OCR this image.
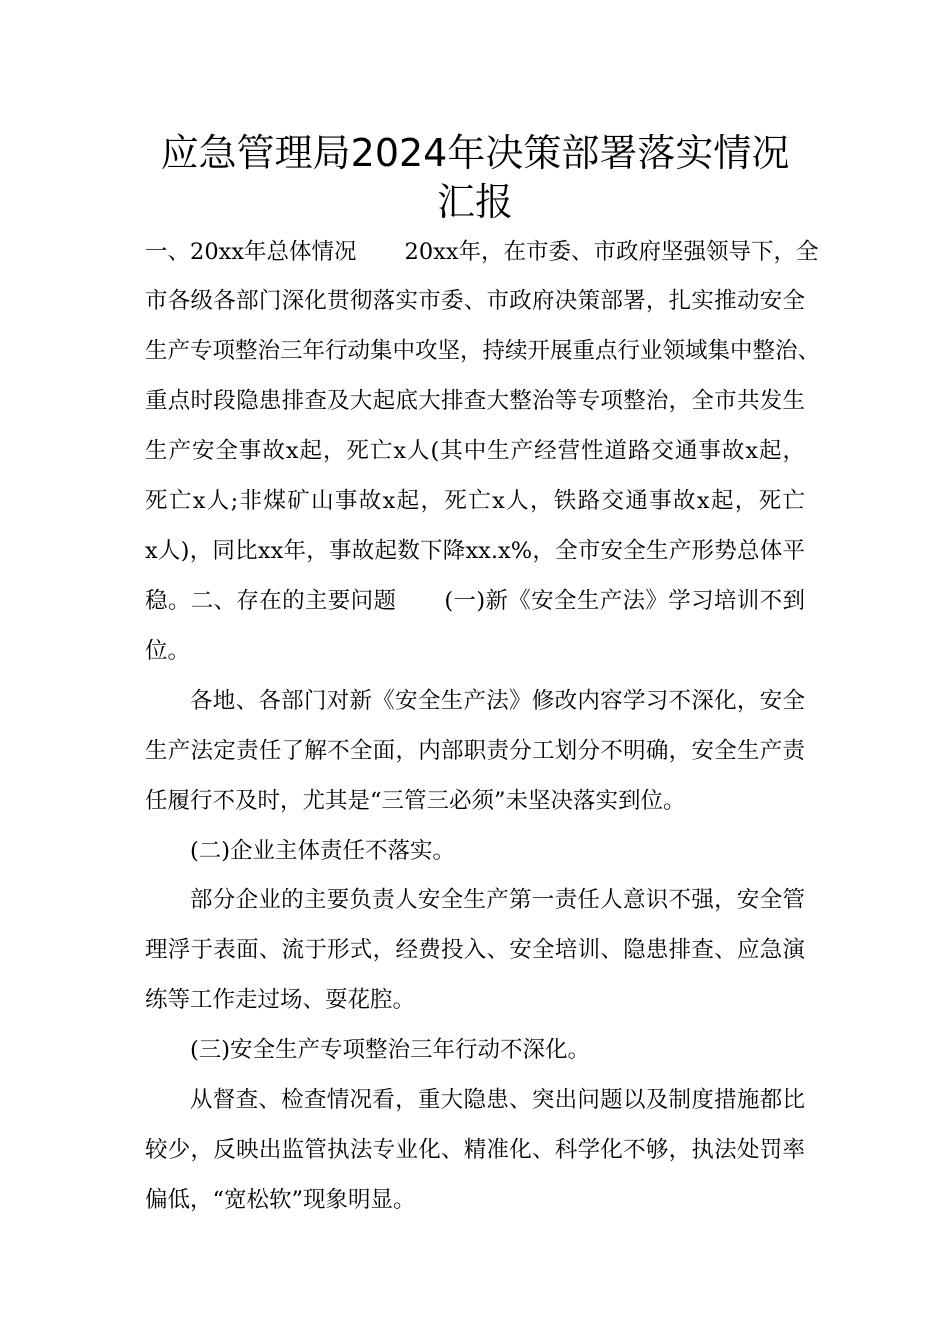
应急管理局2024年决策部署落实情况
汇报
一、20xx年总体情况 20xx年，在市委、市政府坚强领导下，全
市各级各部门深化贯彻落实市委、市政府决策部署，扎实推动安全
生产专项整治三年行动集中攻坚，持续开展重点行业领域集中整治、
重点时段隐患排查及大起底大排查大整治等专项整治，全市共发生
生产安全事故x起，死亡x人(其中生产经营性道路交通事故x起，
死亡x人;非煤矿山事故x起，死亡x人，铁路交通事故x起，死亡
x人)，同比xx年，事故起数下降xx.x%，全市安全生产形势总体平
稳。二、存在的主要问题 (一)新《安全生产法》学习培训不到
位。
各地、各部门对新《安全生产法》修改内容学习不深化，安全
生产法定责任了解不全面，内部职责分工划分不明确，安全生产责
任履行不及时，尤其是“三管三必须”未坚决落实到位。
(二)企业主体责任不落实。
部分企业的主要负责人安全生产第一责任人意识不强，安全管
理浮于表面、流于形式，经费投入、安全培训、隐患排查、应急演
练等工作走过场、耍花腔。
(三)安全生产专项整治三年行动不深化。
从督查、检查情况看，重大隐患、突出问题以及制度措施都比
较少，反映出监管执法专业化、精准化、科学化不够，执法处罚率
偏低，“宽松软”现象明显。
